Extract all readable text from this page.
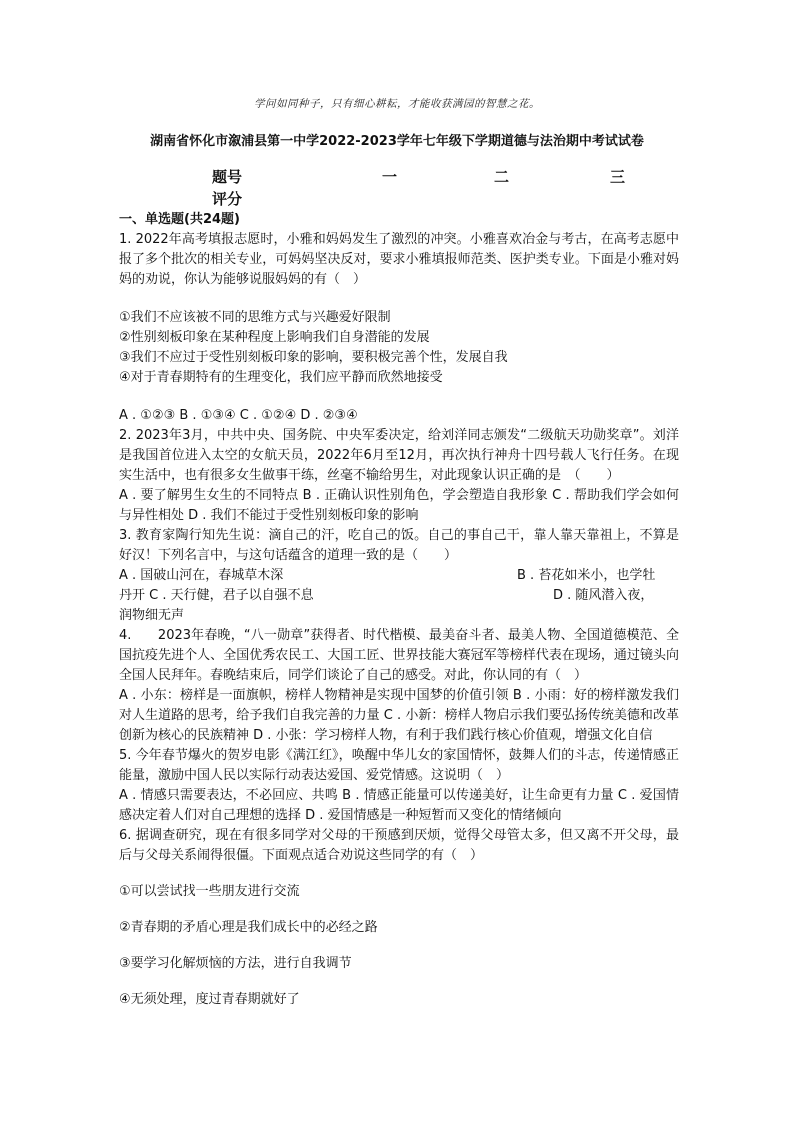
学问如同种子，只有细心耕耘，才能收获满园的智慧之花。
湖南省怀化市溆浦县第一中学2022-2023学年七年级下学期道德与法治期中考试试卷
题号	一	二	三
评分

一、单选题(共24题)

1. 2022年高考填报志愿时，小雅和妈妈发生了激烈的冲突。小雅喜欢冶金与考古，在高考志愿中报了多个批次的相关专业，可妈妈坚决反对，要求小雅填报师范类、医护类专业。下面是小雅对妈妈的劝说，你认为能够说服妈妈的有（　）

①我们不应该被不同的思维方式与兴趣爱好限制

②性别刻板印象在某种程度上影响我们自身潜能的发展

③我们不应过于受性别刻板印象的影响，要积极完善个性，发展自我

④对于青春期特有的生理变化，我们应平静而欣然地接受

A . ①②③ B . ①③④ C . ①②④ D . ②③④

2. 2023年3月，中共中央、国务院、中央军委决定，给刘洋同志颁发“二级航天功勋奖章”。刘洋是我国首位进入太空的女航天员，2022年6月至12月，再次执行神舟十四号载人飞行任务。在现实生活中，也有很多女生做事干练，丝毫不输给男生，对此现象认识正确的是　（　　）

A . 要了解男生女生的不同特点 B . 正确认识性别角色，学会塑造自我形象 C . 帮助我们学会如何与异性相处 D . 我们不能过于受性别刻板印象的影响

3. 教育家陶行知先生说：滴自己的汗，吃自己的饭。自己的事自己干，靠人靠天靠祖上，不算是好汉！下列名言中，与这句话蕴含的道理一致的是（　　）

A . 国破山河在，春城草木深	B . 苔花如米小，也学牡
丹开 C . 天行健，君子以自强不息	D . 随风潜入夜，

润物细无声

4.　　2023年春晚，“八一勋章”获得者、时代楷模、最美奋斗者、最美人物、全国道德模范、全国抗疫先进个人、全国优秀农民工、大国工匠、世界技能大赛冠军等榜样代表在现场，通过镜头向全国人民拜年。春晚结束后，同学们谈论了自己的感受。对此，你认同的有（　）

A . 小东：榜样是一面旗帜，榜样人物精神是实现中国梦的价值引领 B . 小雨：好的榜样激发我们对人生道路的思考，给予我们自我完善的力量 C . 小新：榜样人物启示我们要弘扬传统美德和改革创新为核心的民族精神 D . 小张：学习榜样人物，有利于我们践行核心价值观，增强文化自信

5. 今年春节爆火的贺岁电影《满江红》，唤醒中华儿女的家国情怀，鼓舞人们的斗志，传递情感正能量，激励中国人民以实际行动表达爱国、爱党情感。这说明（　）

A . 情感只需要表达，不必回应、共鸣 B . 情感正能量可以传递美好，让生命更有力量 C . 爱国情感决定着人们对自己理想的选择 D . 爱国情感是一种短暂而又变化的情绪倾向

6. 据调查研究，现在有很多同学对父母的干预感到厌烦，觉得父母管太多，但又离不开父母，最后与父母关系闹得很僵。下面观点适合劝说这些同学的有（　）

①可以尝试找一些朋友进行交流

②青春期的矛盾心理是我们成长中的必经之路

③要学习化解烦恼的方法，进行自我调节

④无须处理，度过青春期就好了
